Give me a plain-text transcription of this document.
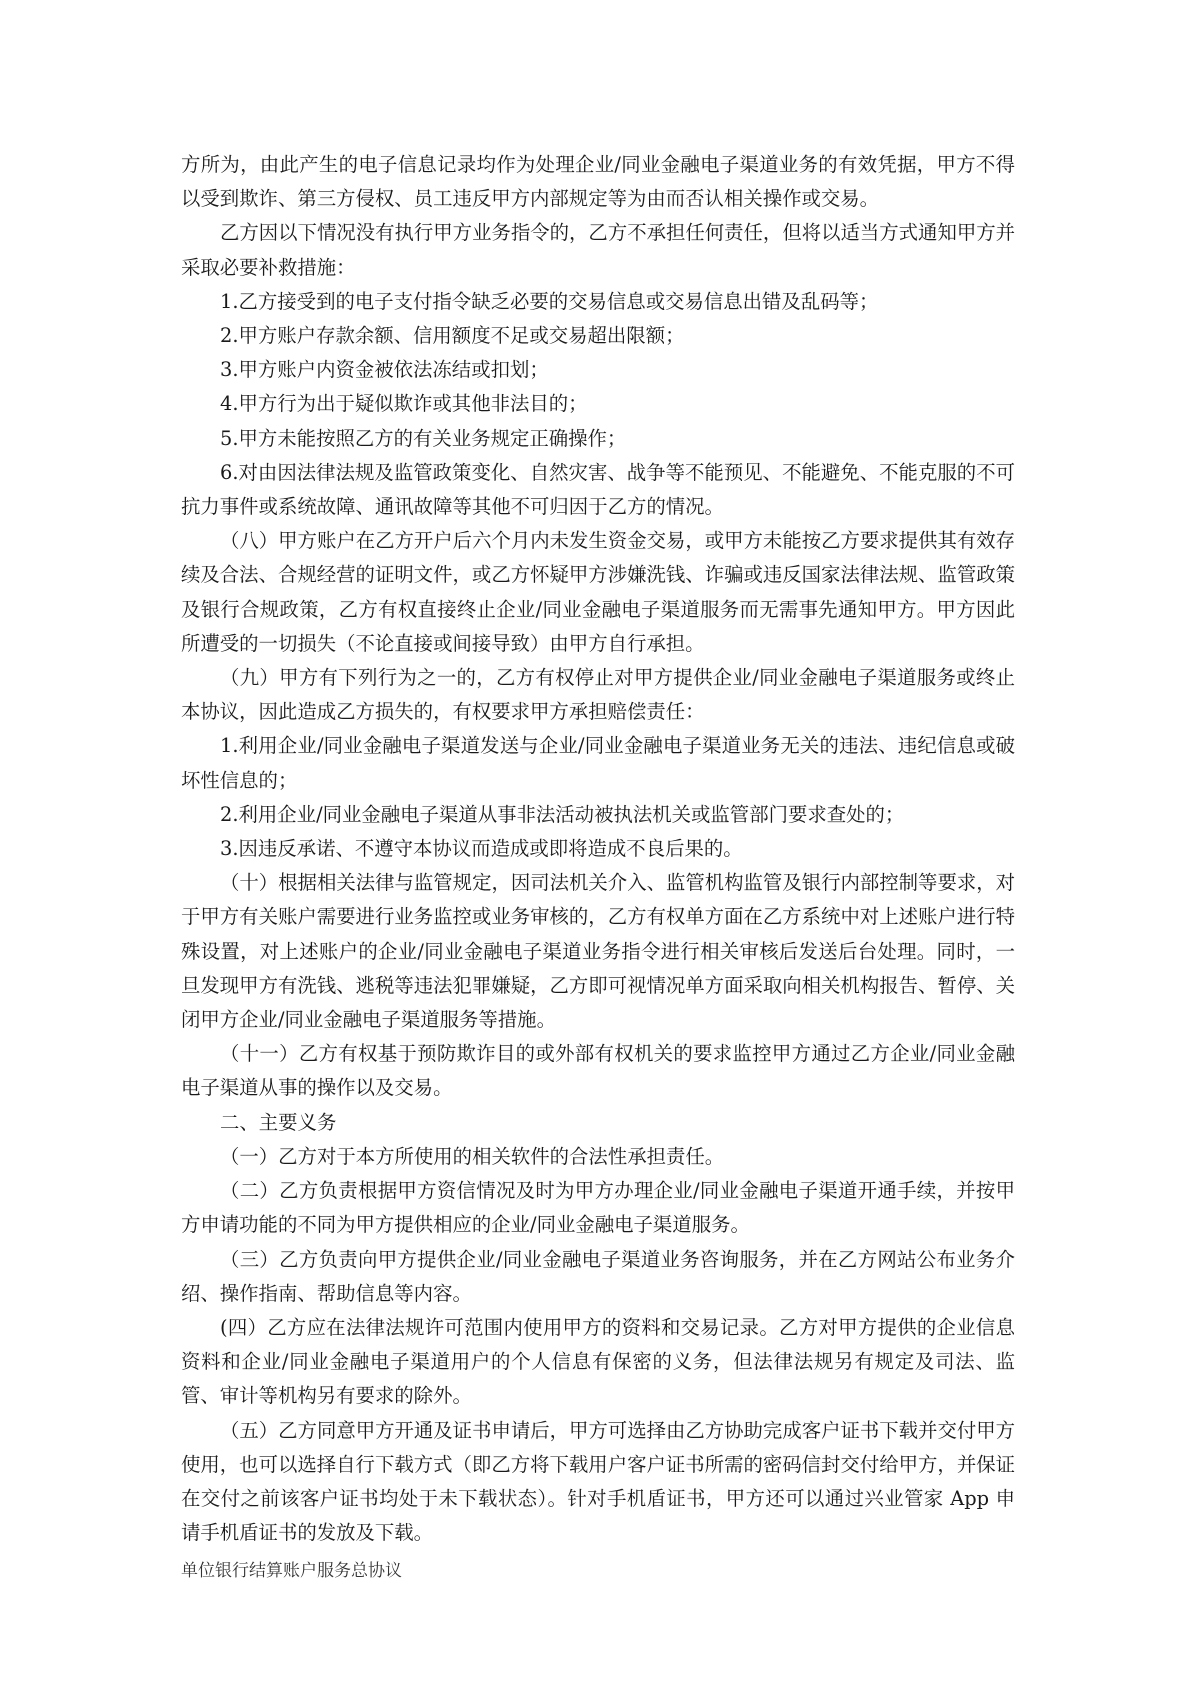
方所为，由此产生的电子信息记录均作为处理企业/同业金融电子渠道业务的有效凭据，甲方不得以受到欺诈、第三方侵权、员工违反甲方内部规定等为由而否认相关操作或交易。

乙方因以下情况没有执行甲方业务指令的，乙方不承担任何责任，但将以适当方式通知甲方并采取必要补救措施：

1.乙方接受到的电子支付指令缺乏必要的交易信息或交易信息出错及乱码等；

2.甲方账户存款余额、信用额度不足或交易超出限额；

3.甲方账户内资金被依法冻结或扣划；

4.甲方行为出于疑似欺诈或其他非法目的；

5.甲方未能按照乙方的有关业务规定正确操作；

6.对由因法律法规及监管政策变化、自然灾害、战争等不能预见、不能避免、不能克服的不可抗力事件或系统故障、通讯故障等其他不可归因于乙方的情况。

（八）甲方账户在乙方开户后六个月内未发生资金交易，或甲方未能按乙方要求提供其有效存续及合法、合规经营的证明文件，或乙方怀疑甲方涉嫌洗钱、诈骗或违反国家法律法规、监管政策及银行合规政策，乙方有权直接终止企业/同业金融电子渠道服务而无需事先通知甲方。甲方因此所遭受的一切损失（不论直接或间接导致）由甲方自行承担。

（九）甲方有下列行为之一的，乙方有权停止对甲方提供企业/同业金融电子渠道服务或终止本协议，因此造成乙方损失的，有权要求甲方承担赔偿责任：

1.利用企业/同业金融电子渠道发送与企业/同业金融电子渠道业务无关的违法、违纪信息或破坏性信息的；

2.利用企业/同业金融电子渠道从事非法活动被执法机关或监管部门要求查处的；

3.因违反承诺、不遵守本协议而造成或即将造成不良后果的。

（十）根据相关法律与监管规定，因司法机关介入、监管机构监管及银行内部控制等要求，对于甲方有关账户需要进行业务监控或业务审核的，乙方有权单方面在乙方系统中对上述账户进行特殊设置，对上述账户的企业/同业金融电子渠道业务指令进行相关审核后发送后台处理。同时，一旦发现甲方有洗钱、逃税等违法犯罪嫌疑，乙方即可视情况单方面采取向相关机构报告、暂停、关闭甲方企业/同业金融电子渠道服务等措施。

（十一）乙方有权基于预防欺诈目的或外部有权机关的要求监控甲方通过乙方企业/同业金融电子渠道从事的操作以及交易。

二、主要义务

（一）乙方对于本方所使用的相关软件的合法性承担责任。

（二）乙方负责根据甲方资信情况及时为甲方办理企业/同业金融电子渠道开通手续，并按甲方申请功能的不同为甲方提供相应的企业/同业金融电子渠道服务。

（三）乙方负责向甲方提供企业/同业金融电子渠道业务咨询服务，并在乙方网站公布业务介绍、操作指南、帮助信息等内容。

(四）乙方应在法律法规许可范围内使用甲方的资料和交易记录。乙方对甲方提供的企业信息资料和企业/同业金融电子渠道用户的个人信息有保密的义务，但法律法规另有规定及司法、监管、审计等机构另有要求的除外。

（五）乙方同意甲方开通及证书申请后，甲方可选择由乙方协助完成客户证书下载并交付甲方使用，也可以选择自行下载方式（即乙方将下载用户客户证书所需的密码信封交付给甲方，并保证在交付之前该客户证书均处于未下载状态）。针对手机盾证书，甲方还可以通过兴业管家 App 申请手机盾证书的发放及下载。

单位银行结算账户服务总协议
